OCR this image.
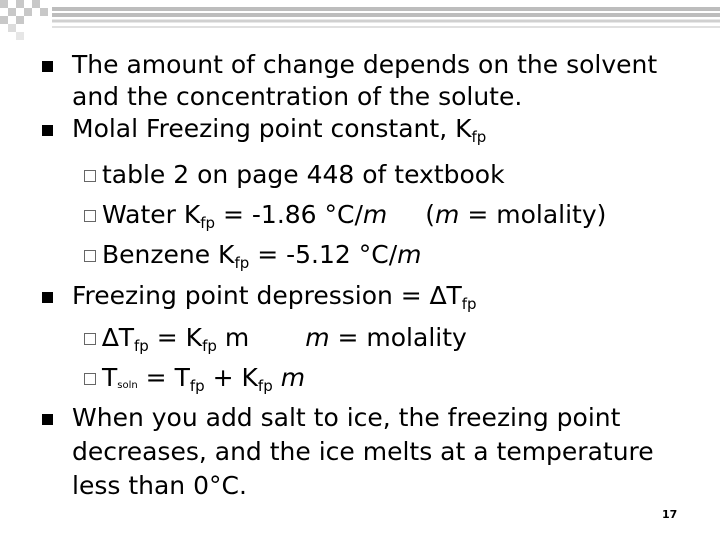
The amount of change depends on the solvent
and the concentration of the solute.
Molal Freezing point constant, $K_{fp}$
table 2 on page 448 of textbook
Water $K_{fp} = -1.86$ °C/m (m = molality)
Benzene $K_{fp} = -5.12$ °C/m
Freezing point depression = $\Delta T_{fp}$
$\Delta T_{fp} = K_{fp}$ m m = molality
$Tsoln = T_{fp} + K_{fp}$ m
When you add salt to ice, the freezing point
decreases, and the ice melts at a temperature
less than 0°C.
17
